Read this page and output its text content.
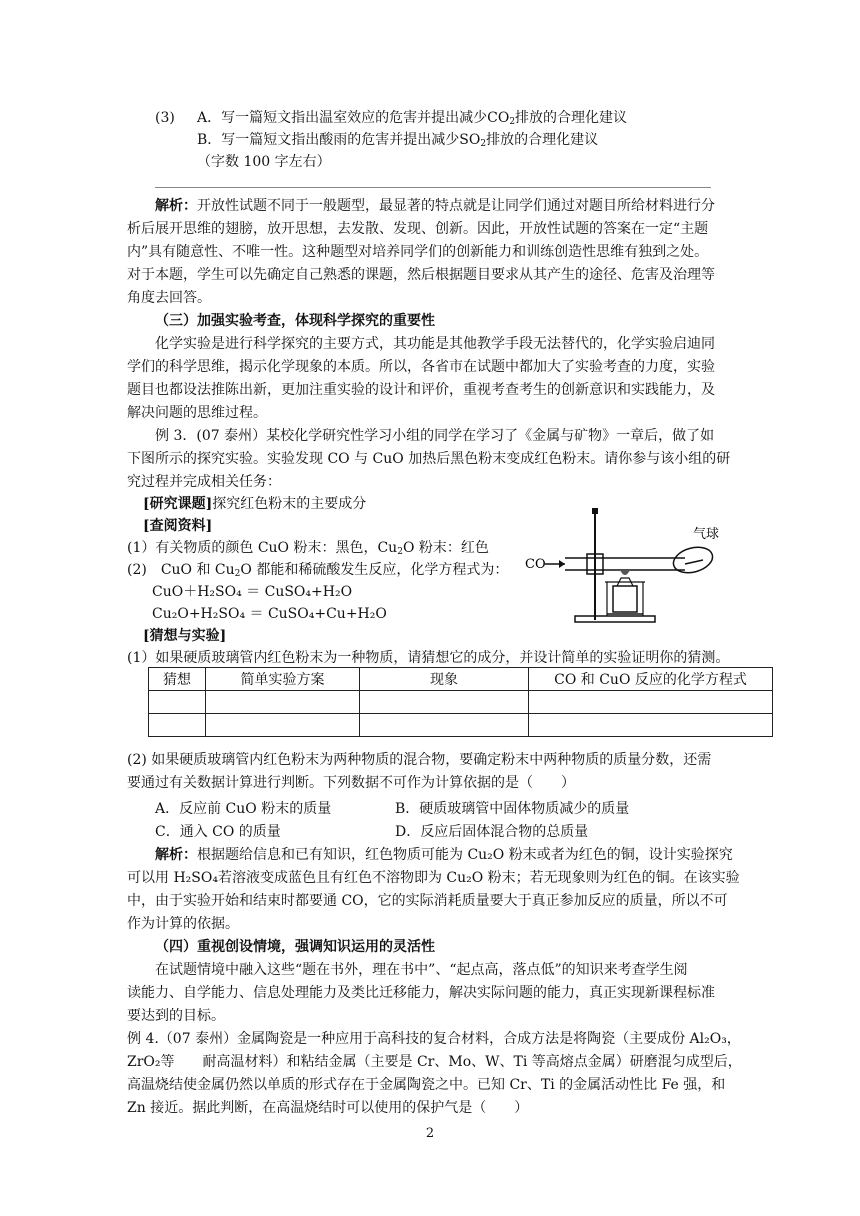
(3) A．写一篇短文指出温室效应的危害并提出减少$CO_2$排放的合理化建议
B．写一篇短文指出酸雨的危害并提出减少$SO_2$排放的合理化建议
（字数 100 字左右）
解析：开放性试题不同于一般题型，最显著的特点就是让同学们通过对题目所给材料进行分
析后展开思维的翅膀，放开思想，去发散、发现、创新。因此，开放性试题的答案在一定“主题
内”具有随意性、不唯一性。这种题型对培养同学们的创新能力和训练创造性思维有独到之处。
对于本题，学生可以先确定自己熟悉的课题，然后根据题目要求从其产生的途径、危害及治理等
角度去回答。
（三）加强实验考查，体现科学探究的重要性
化学实验是进行科学探究的主要方式，其功能是其他教学手段无法替代的，化学实验启迪同
学们的科学思维，揭示化学现象的本质。所以，各省市在试题中都加大了实验考查的力度，实验
题目也都设法推陈出新，更加注重实验的设计和评价，重视考查考生的创新意识和实践能力，及
解决问题的思维过程。
例 3．(07 泰州）某校化学研究性学习小组的同学在学习了《金属与矿物》一章后，做了如
下图所示的探究实验。实验发现 CO 与 CuO 加热后黑色粉末变成红色粉末。请你参与该小组的研
究过程并完成相关任务：
[研究课题]探究红色粉末的主要成分
[查阅资料]
(1）有关物质的颜色 CuO 粉末：黑色，$Cu_2O$ 粉末：红色
(2)　CuO 和 $Cu_2O$ 都能和稀硫酸发生反应，化学方程式为：
CuO＋H₂SO₄ ＝ CuSO₄+H₂O
Cu₂O+H₂SO₄ ＝ CuSO₄+Cu+H₂O
CO
气球
[猜想与实验]
(1）如果硬质玻璃管内红色粉末为一种物质，请猜想它的成分，并设计简单的实验证明你的猜测。
猜想	简单实验方案	现象	CO 和 CuO 反应的化学方程式

(2) 如果硬质玻璃管内红色粉末为两种物质的混合物，要确定粉末中两种物质的质量分数，还需
要通过有关数据计算进行判断。下列数据不可作为计算依据的是（　　）
A．反应前 CuO 粉末的质量	B．硬质玻璃管中固体物质减少的质量
C．通入 CO 的质量	D．反应后固体混合物的总质量
解析：根据题给信息和已有知识，红色物质可能为 Cu₂O 粉末或者为红色的铜，设计实验探究
可以用 H₂SO₄若溶液变成蓝色且有红色不溶物即为 Cu₂O 粉末；若无现象则为红色的铜。在该实验
中，由于实验开始和结束时都要通 CO，它的实际消耗质量要大于真正参加反应的质量，所以不可
作为计算的依据。
（四）重视创设情境，强调知识运用的灵活性
在试题情境中融入这些“题在书外，理在书中”、“起点高，落点低”的知识来考查学生阅
读能力、自学能力、信息处理能力及类比迁移能力，解决实际问题的能力，真正实现新课程标准
要达到的目标。
例 4.（07 泰州）金属陶瓷是一种应用于高科技的复合材料，合成方法是将陶瓷（主要成份 Al₂O₃，
ZrO₂等　　耐高温材料）和粘结金属（主要是 Cr、Mo、W、Ti 等高熔点金属）研磨混匀成型后，
高温烧结使金属仍然以单质的形式存在于金属陶瓷之中。已知 Cr、Ti 的金属活动性比 Fe 强，和
Zn 接近。据此判断，在高温烧结时可以使用的保护气是（　　）
2
